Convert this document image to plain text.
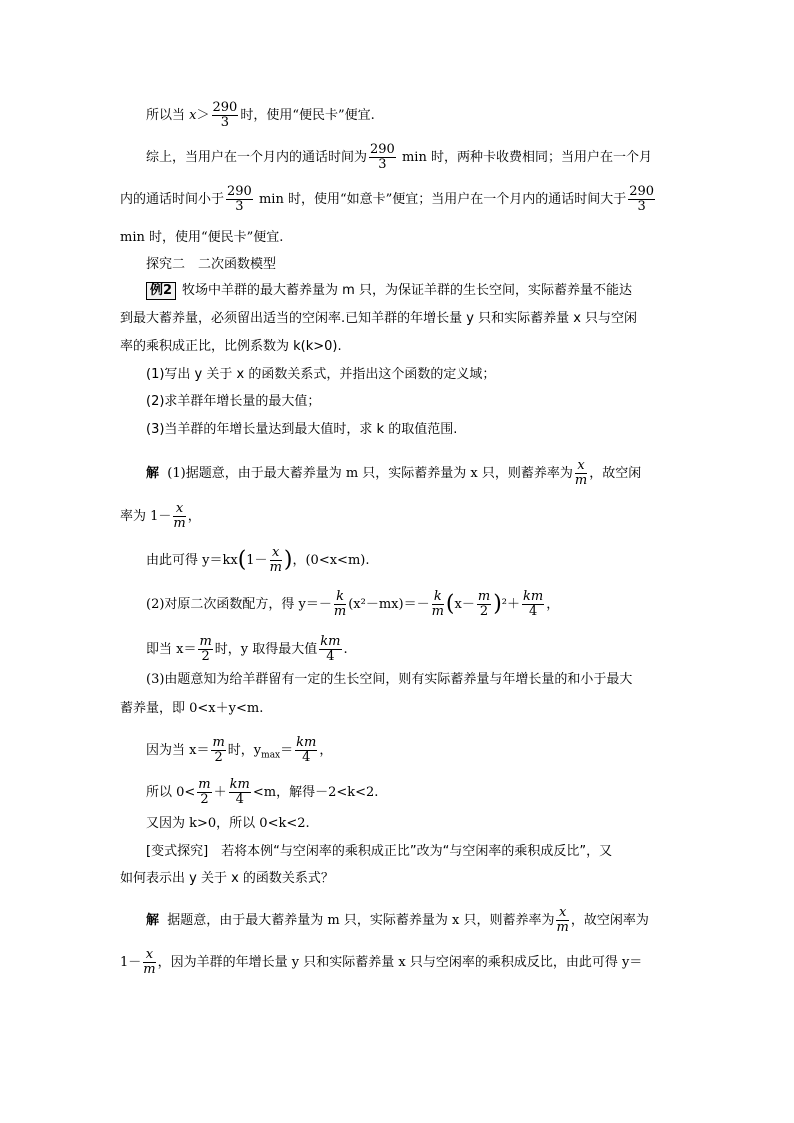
所以当 $x> \frac{290}{3}$ 时，使用“便民卡”便宜.
综上，当用户在一个月内的通话时间为 $\frac{290}{3}$ min 时，两种卡收费相同；当用户在一个月
内的通话时间小于 $\frac{290}{3}$ min 时，使用“如意卡”便宜；当用户在一个月内的通话时间大于 $\frac{290}{3}$
min 时，使用“便民卡”便宜.
探究二　二次函数模型
例2 牧场中羊群的最大蓄养量为 m 只，为保证羊群的生长空间，实际蓄养量不能达
到最大蓄养量，必须留出适当的空闲率.已知羊群的年增长量 y 只和实际蓄养量 x 只与空闲
率的乘积成正比，比例系数为 k(k>0).
(1)写出 y 关于 x 的函数关系式，并指出这个函数的定义域；
(2)求羊群年增长量的最大值；
(3)当羊群的年增长量达到最大值时，求 k 的取值范围.
解 (1)据题意，由于最大蓄养量为 m 只，实际蓄养量为 x 只，则蓄养率为 $\frac{x}{m}$ ，故空闲
率为 $1- \frac{x}{m}$ ，
由此可得 $y=kx(1- \frac{x}{m}$ )，(0<x<m).
(2)对原二次函数配方，得 $y=- \frac{k}{m} (x^2-mx)=- \frac{k}{m} (x- \frac{m}{2} )^2+ \frac{km}{4}$ ，
即当 $x= \frac{m}{2}$ 时，y 取得最大值 $\frac{km}{4}$ .
(3)由题意知为给羊群留有一定的生长空间，则有实际蓄养量与年增长量的和小于最大
蓄养量，即 0<x＋y<m.
因为当 $x= \frac{m}{2}$ 时，$y_{max}= \frac{km}{4}$ ，
所以 $0< \frac{m}{2} + \frac{km}{4} <m$，解得－2<k<2.
又因为 k>0，所以 0<k<2.
[变式探究]　若将本例“与空闲率的乘积成正比”改为“与空闲率的乘积成反比”，又
如何表示出 y 关于 x 的函数关系式？
解 据题意，由于最大蓄养量为 m 只，实际蓄养量为 x 只，则蓄养率为 $\frac{x}{m}$ ，故空闲率为
$1- \frac{x}{m}$ ，因为羊群的年增长量 y 只和实际蓄养量 x 只与空闲率的乘积成反比，由此可得 y＝
